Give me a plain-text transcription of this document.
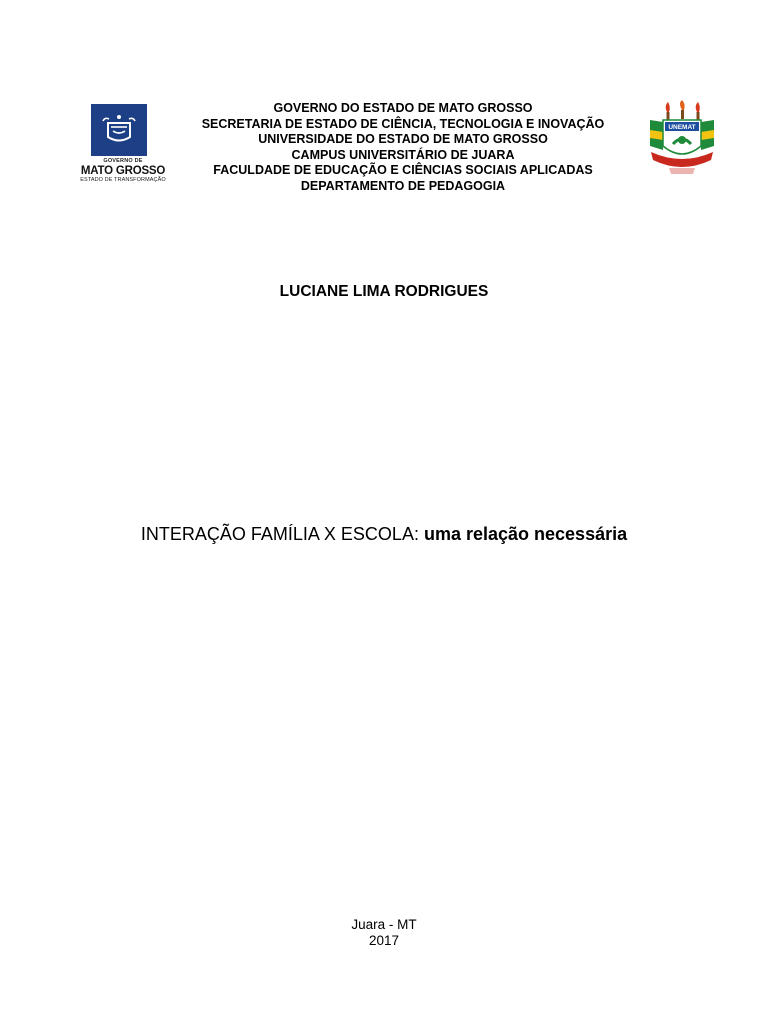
GOVERNO DE
MATO GROSSO
ESTADO DE TRANSFORMAÇÃO
GOVERNO DO ESTADO DE MATO GROSSO
SECRETARIA DE ESTADO DE CIÊNCIA, TECNOLOGIA E INOVAÇÃO
UNIVERSIDADE DO ESTADO DE MATO GROSSO
CAMPUS UNIVERSITÁRIO DE JUARA
FACULDADE DE EDUCAÇÃO E CIÊNCIAS SOCIAIS APLICADAS
DEPARTAMENTO DE PEDAGOGIA
UNEMAT
LUCIANE LIMA RODRIGUES
INTERAÇÃO FAMÍLIA X ESCOLA: uma relação necessária
Juara - MT
2017
